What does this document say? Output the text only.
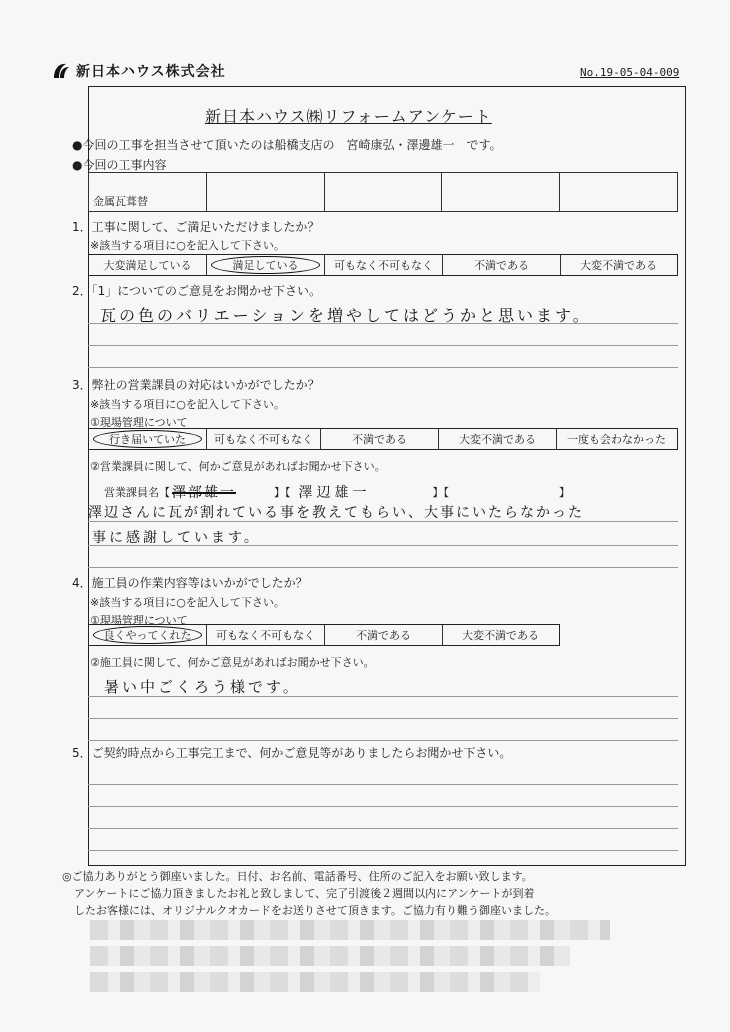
新日本ハウス株式会社	No.19-05-04-009
新日本ハウス㈱リフォームアンケート
●今回の工事を担当させて頂いたのは船橋支店の　宮崎康弘・澤邊雄一　です。
●今回の工事内容
金属瓦葺替
1．工事に関して、ご満足いただけましたか？
※該当する項目に○を記入して下さい。
大変満足している	満足している	可もなく不可もなく	不満である	大変不満である
2．「1」についてのご意見をお聞かせ下さい。
瓦の色のバリエーションを増やしてはどうかと思います。
3．弊社の営業課員の対応はいかがでしたか？
※該当する項目に○を記入して下さい。
①現場管理について
行き届いていた	可もなく不可もなく	不満である	大変不満である	一度も会わなかった
②営業課員に関して、何かご意見があればお聞かせ下さい。
営業課員名【 澤部雄一	】【 澤辺雄一	】【　　　　　　　　　　】
澤辺さんに瓦が割れている事を教えてもらい、大事にいたらなかった
事に感謝しています。
4．施工員の作業内容等はいかがでしたか？
※該当する項目に○を記入して下さい。
①現場管理について
良くやってくれた	可もなく不可もなく	不満である	大変不満である
②施工員に関して、何かご意見があればお聞かせ下さい。
暑い中ごくろう様です。
5．ご契約時点から工事完工まで、何かご意見等がありましたらお聞かせ下さい。
◎ご協力ありがとう御座いました。日付、お名前、電話番号、住所のご記入をお願い致します。
アンケートにご協力頂きましたお礼と致しまして、完了引渡後２週間以内にアンケートが到着
したお客様には、オリジナルクオカードをお送りさせて頂きます。ご協力有り難う御座いました。
